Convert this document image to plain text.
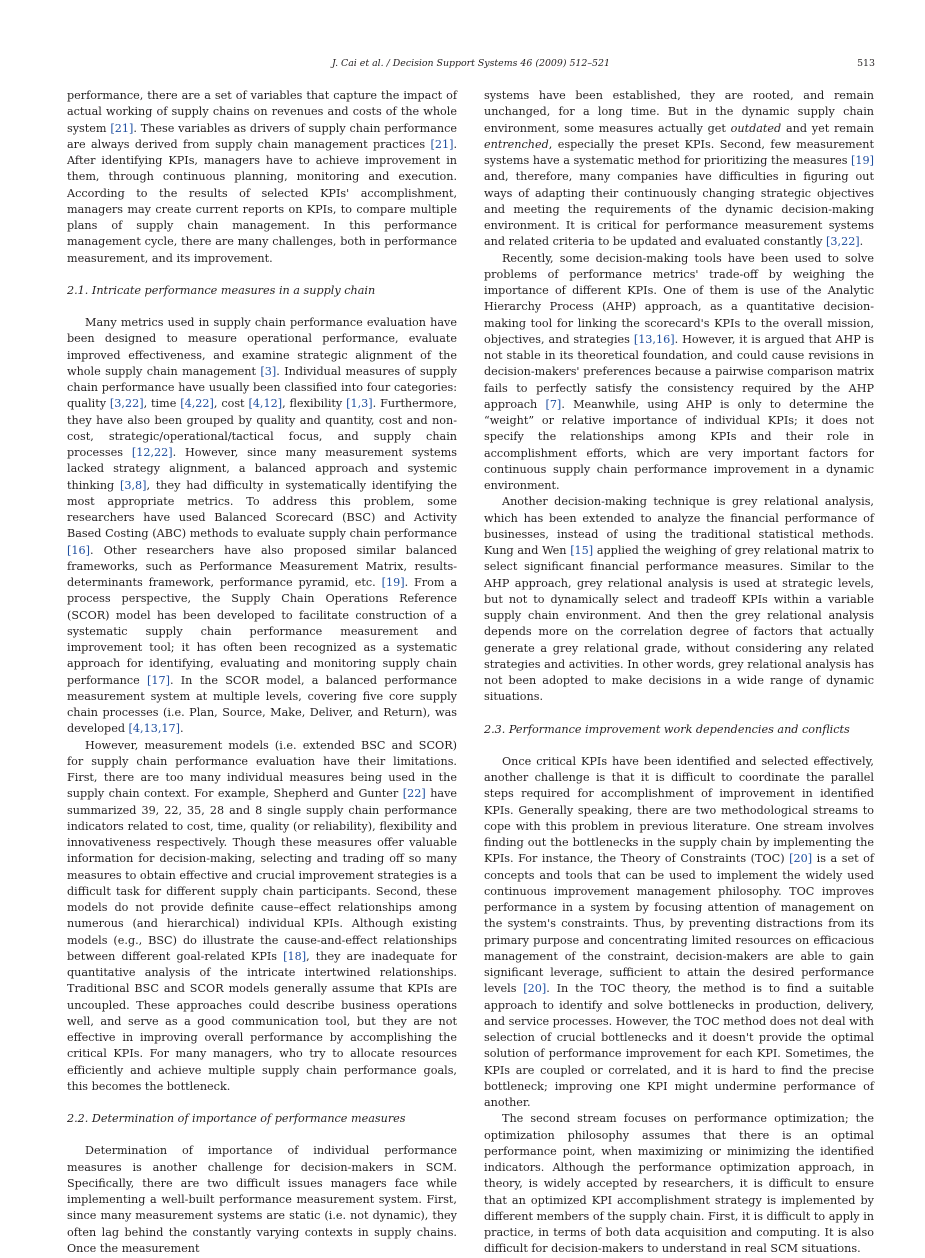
J. Cai et al. / Decision Support Systems 46 (2009) 512–521	513

performance, there are a set of variables that capture the impact of actual working of supply chains on revenues and costs of the whole system [21]. These variables as drivers of supply chain performance are always derived from supply chain management practices [21]. After identifying KPIs, managers have to achieve improvement in them, through continuous planning, monitoring and execution. According to the results of selected KPIs' accomplishment, managers may create current reports on KPIs, to compare multiple plans of supply chain management. In this performance management cycle, there are many challenges, both in performance measurement, and its improvement.

2.1. Intricate performance measures in a supply chain

Many metrics used in supply chain performance evaluation have been designed to measure operational performance, evaluate improved effectiveness, and examine strategic alignment of the whole supply chain management [3]. Individual measures of supply chain performance have usually been classified into four categories: quality [3,22], time [4,22], cost [4,12], flexibility [1,3]. Furthermore, they have also been grouped by quality and quantity, cost and non-cost, strategic/operational/tactical focus, and supply chain processes [12,22]. However, since many measurement systems lacked strategy alignment, a balanced approach and systemic thinking [3,8], they had difficulty in systematically identifying the most appropriate metrics. To address this problem, some researchers have used Balanced Scorecard (BSC) and Activity Based Costing (ABC) methods to evaluate supply chain performance [16]. Other researchers have also proposed similar balanced frameworks, such as Performance Measurement Matrix, results-determinants framework, performance pyramid, etc. [19]. From a process perspective, the Supply Chain Operations Reference (SCOR) model has been developed to facilitate construction of a systematic supply chain performance measurement and improvement tool; it has often been recognized as a systematic approach for identifying, evaluating and monitoring supply chain performance [17]. In the SCOR model, a balanced performance measurement system at multiple levels, covering five core supply chain processes (i.e. Plan, Source, Make, Deliver, and Return), was developed [4,13,17].

However, measurement models (i.e. extended BSC and SCOR) for supply chain performance evaluation have their limitations. First, there are too many individual measures being used in the supply chain context. For example, Shepherd and Gunter [22] have summarized 39, 22, 35, 28 and 8 single supply chain performance indicators related to cost, time, quality (or reliability), flexibility and innovativeness respectively. Though these measures offer valuable information for decision-making, selecting and trading off so many measures to obtain effective and crucial improvement strategies is a difficult task for different supply chain participants. Second, these models do not provide definite cause–effect relationships among numerous (and hierarchical) individual KPIs. Although existing models (e.g., BSC) do illustrate the cause-and-effect relationships between different goal-related KPIs [18], they are inadequate for quantitative analysis of the intricate intertwined relationships. Traditional BSC and SCOR models generally assume that KPIs are uncoupled. These approaches could describe business operations well, and serve as a good communication tool, but they are not effective in improving overall performance by accomplishing the critical KPIs. For many managers, who try to allocate resources efficiently and achieve multiple supply chain performance goals, this becomes the bottleneck.

2.2. Determination of importance of performance measures

Determination of importance of individual performance measures is another challenge for decision-makers in SCM. Specifically, there are two difficult issues managers face while implementing a well-built performance measurement system. First, since many measurement systems are static (i.e. not dynamic), they often lag behind the constantly varying contexts in supply chains. Once the measurement

systems have been established, they are rooted, and remain unchanged, for a long time. But in the dynamic supply chain environment, some measures actually get outdated and yet remain entrenched, especially the preset KPIs. Second, few measurement systems have a systematic method for prioritizing the measures [19] and, therefore, many companies have difficulties in figuring out ways of adapting their continuously changing strategic objectives and meeting the requirements of the dynamic decision-making environment. It is critical for performance measurement systems and related criteria to be updated and evaluated constantly [3,22].

Recently, some decision-making tools have been used to solve problems of performance metrics' trade-off by weighing the importance of different KPIs. One of them is use of the Analytic Hierarchy Process (AHP) approach, as a quantitative decision-making tool for linking the scorecard's KPIs to the overall mission, objectives, and strategies [13,16]. However, it is argued that AHP is not stable in its theoretical foundation, and could cause revisions in decision-makers' preferences because a pairwise comparison matrix fails to perfectly satisfy the consistency required by the AHP approach [7]. Meanwhile, using AHP is only to determine the “weight” or relative importance of individual KPIs; it does not specify the relationships among KPIs and their role in accomplishment efforts, which are very important factors for continuous supply chain performance improvement in a dynamic environment.

Another decision-making technique is grey relational analysis, which has been extended to analyze the financial performance of businesses, instead of using the traditional statistical methods. Kung and Wen [15] applied the weighing of grey relational matrix to select significant financial performance measures. Similar to the AHP approach, grey relational analysis is used at strategic levels, but not to dynamically select and tradeoff KPIs within a variable supply chain environment. And then the grey relational analysis depends more on the correlation degree of factors that actually generate a grey relational grade, without considering any related strategies and activities. In other words, grey relational analysis has not been adopted to make decisions in a wide range of dynamic situations.

2.3. Performance improvement work dependencies and conflicts

Once critical KPIs have been identified and selected effectively, another challenge is that it is difficult to coordinate the parallel steps required for accomplishment of improvement in identified KPIs. Generally speaking, there are two methodological streams to cope with this problem in previous literature. One stream involves finding out the bottlenecks in the supply chain by implementing the KPIs. For instance, the Theory of Constraints (TOC) [20] is a set of concepts and tools that can be used to implement the widely used continuous improvement management philosophy. TOC improves performance in a system by focusing attention of management on the system's constraints. Thus, by preventing distractions from its primary purpose and concentrating limited resources on efficacious management of the constraint, decision-makers are able to gain significant leverage, sufficient to attain the desired performance levels [20]. In the TOC theory, the method is to find a suitable approach to identify and solve bottlenecks in production, delivery, and service processes. However, the TOC method does not deal with selection of crucial bottlenecks and it doesn't provide the optimal solution of performance improvement for each KPI. Sometimes, the KPIs are coupled or correlated, and it is hard to find the precise bottleneck; improving one KPI might undermine performance of another.

The second stream focuses on performance optimization; the optimization philosophy assumes that there is an optimal performance point, when maximizing or minimizing the identified indicators. Although the performance optimization approach, in theory, is widely accepted by researchers, it is difficult to ensure that an optimized KPI accomplishment strategy is implemented by different members of the supply chain. First, it is difficult to apply in practice, in terms of both data acquisition and computing. It is also difficult for decision-makers to understand in real SCM situations.
